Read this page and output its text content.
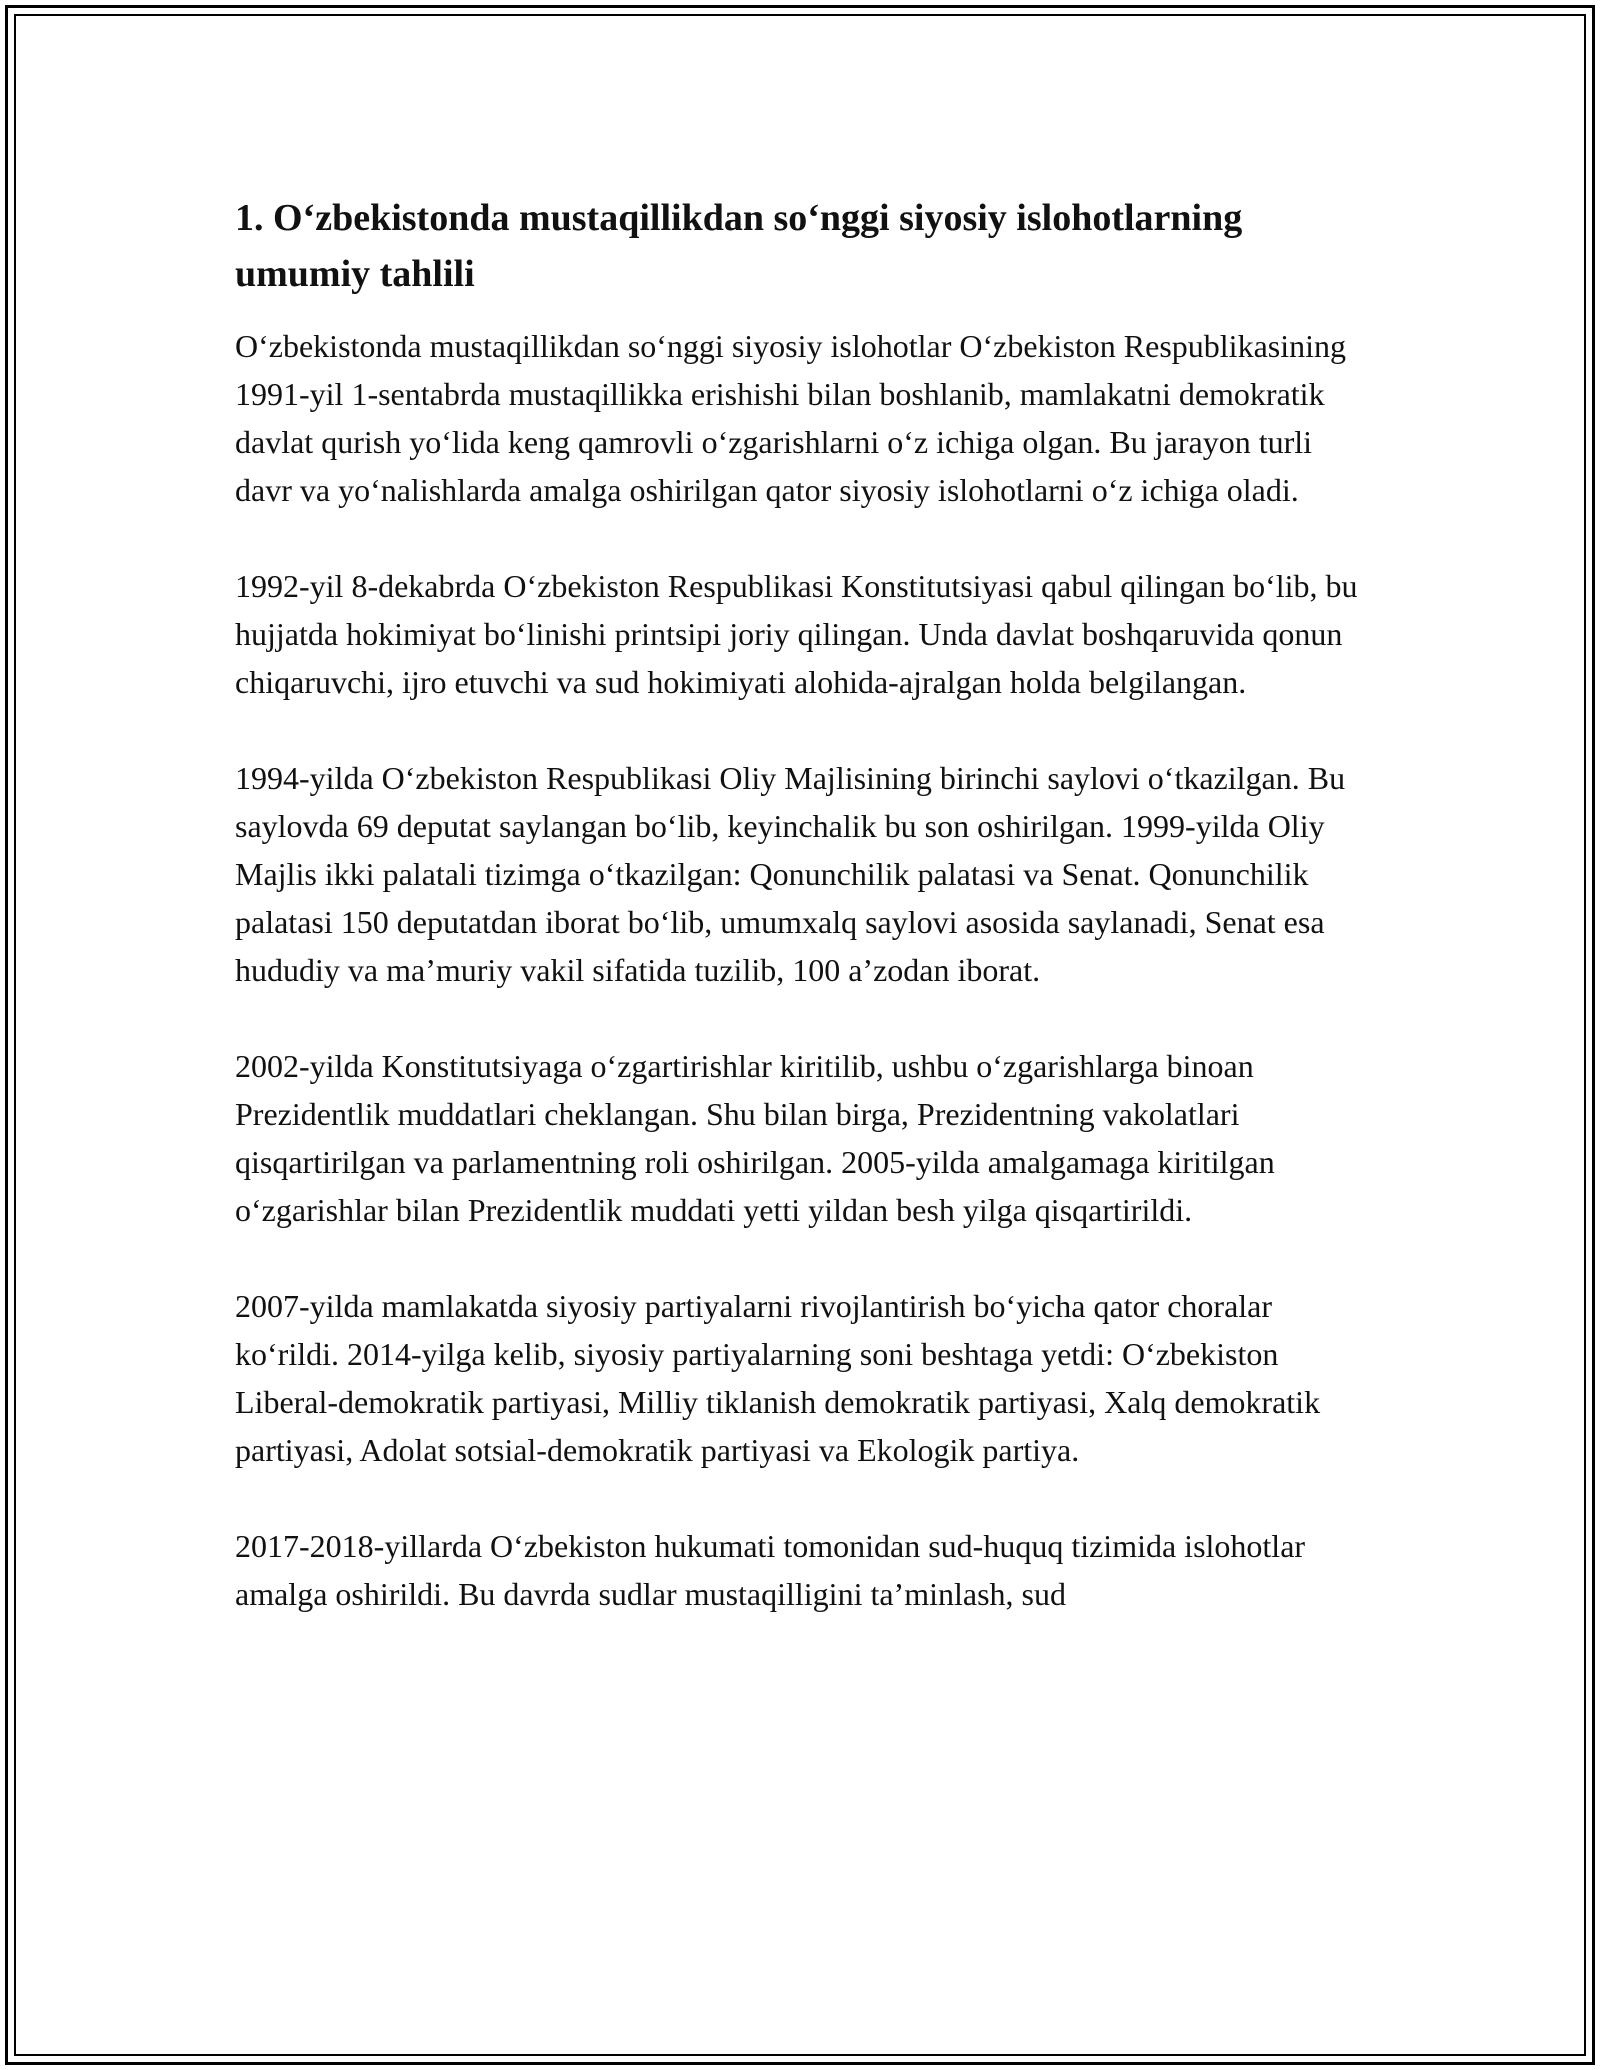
1. O‘zbekistonda mustaqillikdan so‘nggi siyosiy islohotlarning umumiy tahlili

O‘zbekistonda mustaqillikdan so‘nggi siyosiy islohotlar O‘zbekiston Respublikasining 1991-yil 1-sentabrda mustaqillikka erishishi bilan boshlanib, mamlakatni demokratik davlat qurish yo‘lida keng qamrovli o‘zgarishlarni o‘z ichiga olgan. Bu jarayon turli davr va yo‘nalishlarda amalga oshirilgan qator siyosiy islohotlarni o‘z ichiga oladi.

1992-yil 8-dekabrda O‘zbekiston Respublikasi Konstitutsiyasi qabul qilingan bo‘lib, bu hujjatda hokimiyat bo‘linishi printsipi joriy qilingan. Unda davlat boshqaruvida qonun chiqaruvchi, ijro etuvchi va sud hokimiyati alohida-ajralgan holda belgilangan.

1994-yilda O‘zbekiston Respublikasi Oliy Majlisining birinchi saylovi o‘tkazilgan. Bu saylovda 69 deputat saylangan bo‘lib, keyinchalik bu son oshirilgan. 1999-yilda Oliy Majlis ikki palatali tizimga o‘tkazilgan: Qonunchilik palatasi va Senat. Qonunchilik palatasi 150 deputatdan iborat bo‘lib, umumxalq saylovi asosida saylanadi, Senat esa hududiy va ma’muriy vakil sifatida tuzilib, 100 a’zodan iborat.

2002-yilda Konstitutsiyaga o‘zgartirishlar kiritilib, ushbu o‘zgarishlarga binoan Prezidentlik muddatlari cheklangan. Shu bilan birga, Prezidentning vakolatlari qisqartirilgan va parlamentning roli oshirilgan. 2005-yilda amalgamaga kiritilgan o‘zgarishlar bilan Prezidentlik muddati yetti yildan besh yilga qisqartirildi.

2007-yilda mamlakatda siyosiy partiyalarni rivojlantirish bo‘yicha qator choralar ko‘rildi. 2014-yilga kelib, siyosiy partiyalarning soni beshtaga yetdi: O‘zbekiston Liberal-demokratik partiyasi, Milliy tiklanish demokratik partiyasi, Xalq demokratik partiyasi, Adolat sotsial-demokratik partiyasi va Ekologik partiya.

2017-2018-yillarda O‘zbekiston hukumati tomonidan sud-huquq tizimida islohotlar amalga oshirildi. Bu davrda sudlar mustaqilligini ta’minlash, sud
